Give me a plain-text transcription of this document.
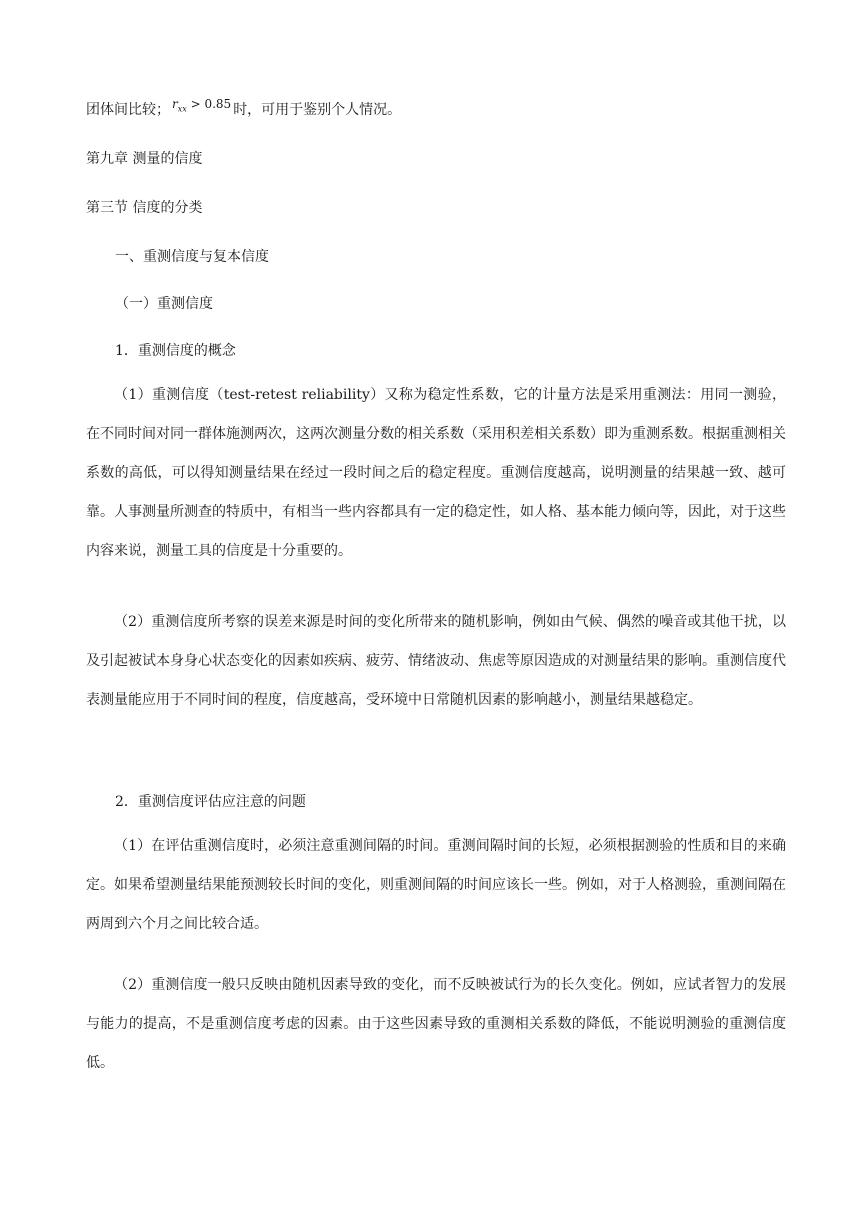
团体间比较； $r_{xx} > 0.85$ 时，可用于鉴别个人情况。
第九章 测量的信度
第三节 信度的分类
一、重测信度与复本信度
（一）重测信度
1．重测信度的概念
（1）重测信度（test-retest reliability）又称为稳定性系数，它的计量方法是采用重测法：用同一测验，在不同时间对同一群体施测两次，这两次测量分数的相关系数（采用积差相关系数）即为重测系数。根据重测相关系数的高低，可以得知测量结果在经过一段时间之后的稳定程度。重测信度越高，说明测量的结果越一致、越可靠。人事测量所测查的特质中，有相当一些内容都具有一定的稳定性，如人格、基本能力倾向等，因此，对于这些内容来说，测量工具的信度是十分重要的。
（2）重测信度所考察的误差来源是时间的变化所带来的随机影响，例如由气候、偶然的噪音或其他干扰，以及引起被试本身身心状态变化的因素如疾病、疲劳、情绪波动、焦虑等原因造成的对测量结果的影响。重测信度代表测量能应用于不同时间的程度，信度越高，受环境中日常随机因素的影响越小，测量结果越稳定。
2．重测信度评估应注意的问题
（1）在评估重测信度时，必须注意重测间隔的时间。重测间隔时间的长短，必须根据测验的性质和目的来确定。如果希望测量结果能预测较长时间的变化，则重测间隔的时间应该长一些。例如，对于人格测验，重测间隔在两周到六个月之间比较合适。
（2）重测信度一般只反映由随机因素导致的变化，而不反映被试行为的长久变化。例如，应试者智力的发展与能力的提高，不是重测信度考虑的因素。由于这些因素导致的重测相关系数的降低，不能说明测验的重测信度低。
